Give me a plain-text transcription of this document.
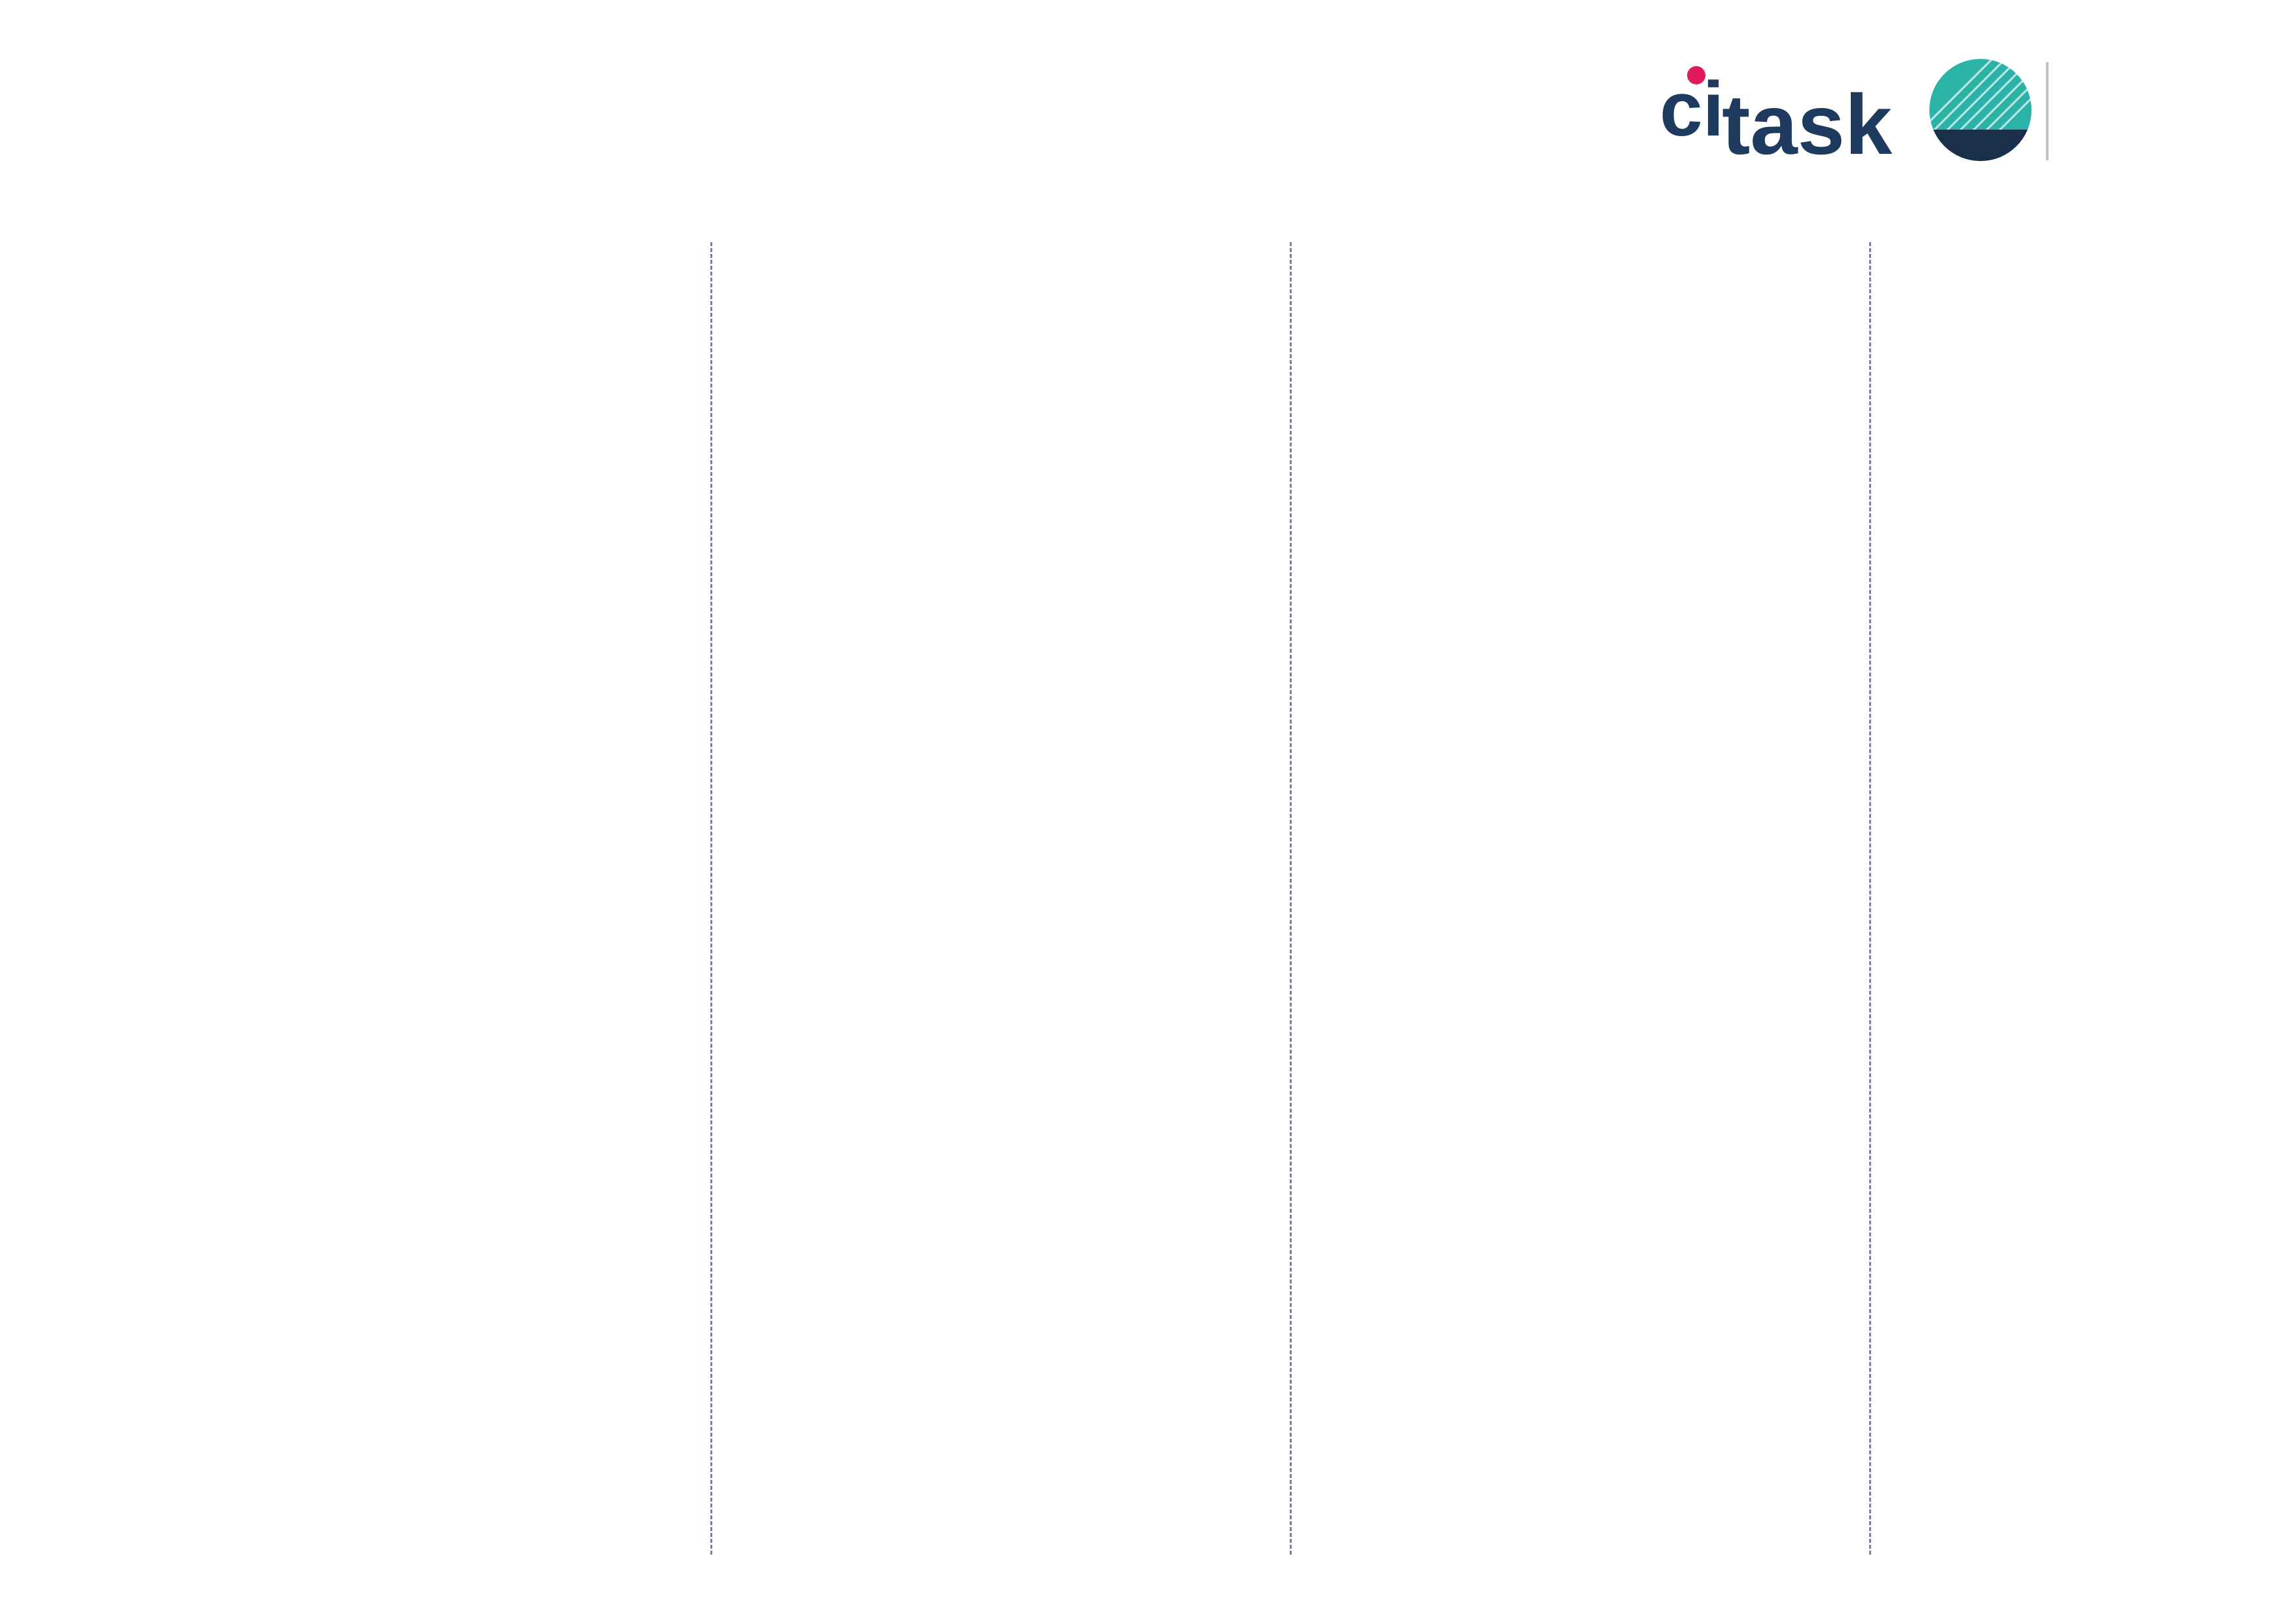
ci
task
